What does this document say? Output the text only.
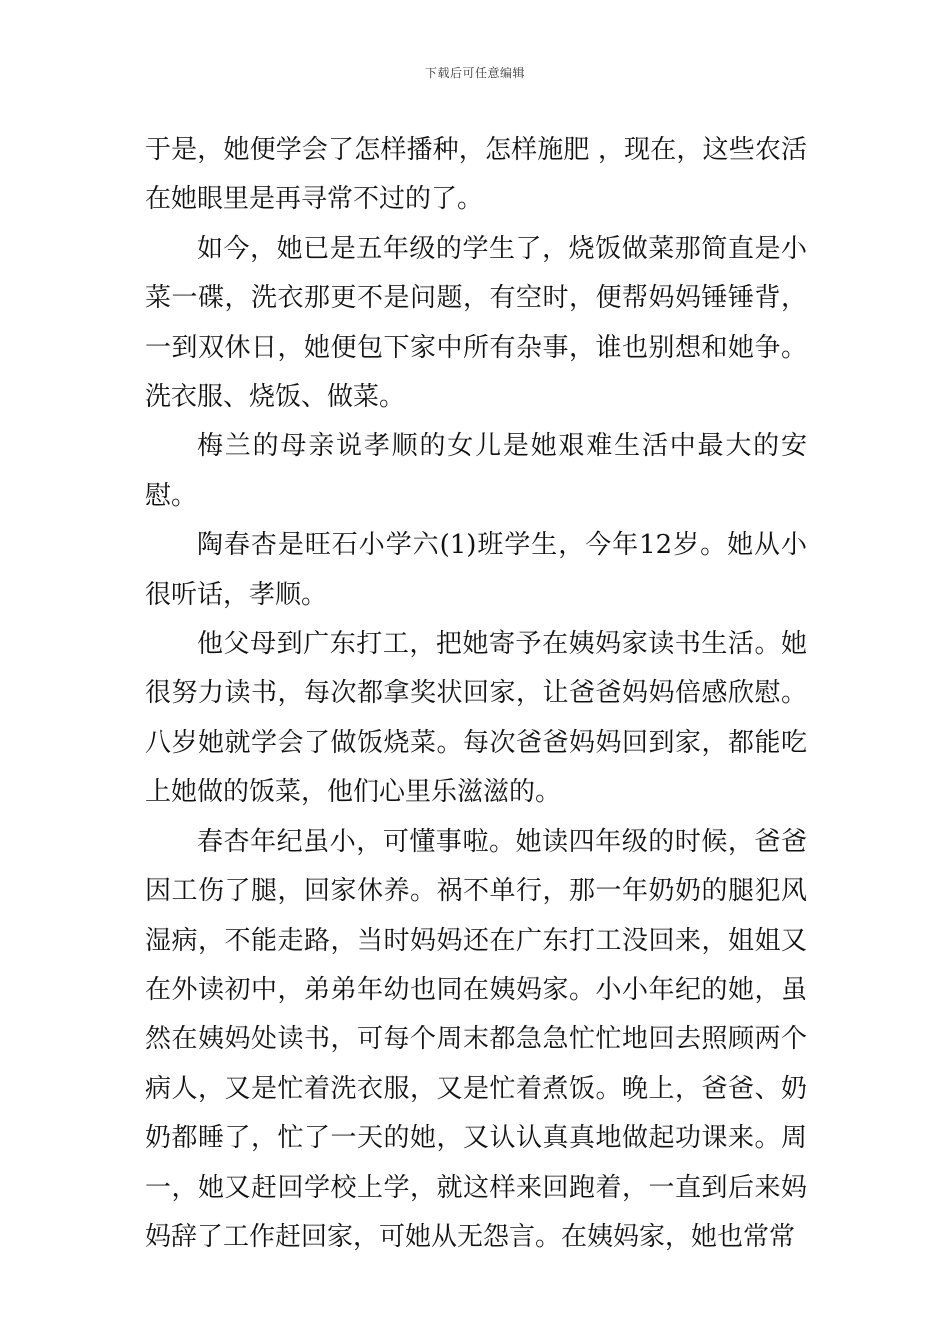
下载后可任意编辑

于是，她便学会了怎样播种，怎样施肥 ，现在，这些农活在她眼里是再寻常不过的了。

如今，她已是五年级的学生了，烧饭做菜那简直是小菜一碟，洗衣那更不是问题，有空时，便帮妈妈锤锤背，一到双休日，她便包下家中所有杂事，谁也别想和她争。洗衣服、烧饭、做菜。

梅兰的母亲说孝顺的女儿是她艰难生活中最大的安慰。

陶春杏是旺石小学六(1)班学生，今年12岁。她从小很听话，孝顺。

他父母到广东打工，把她寄予在姨妈家读书生活。她很努力读书，每次都拿奖状回家，让爸爸妈妈倍感欣慰。八岁她就学会了做饭烧菜。每次爸爸妈妈回到家，都能吃上她做的饭菜，他们心里乐滋滋的。

春杏年纪虽小，可懂事啦。她读四年级的时候，爸爸因工伤了腿，回家休养。祸不单行，那一年奶奶的腿犯风湿病，不能走路，当时妈妈还在广东打工没回来，姐姐又在外读初中，弟弟年幼也同在姨妈家。小小年纪的她，虽然在姨妈处读书，可每个周末都急急忙忙地回去照顾两个病人，又是忙着洗衣服，又是忙着煮饭。晚上，爸爸、奶奶都睡了，忙了一天的她，又认认真真地做起功课来。周一，她又赶回学校上学，就这样来回跑着，一直到后来妈妈辞了工作赶回家，可她从无怨言。在姨妈家，她也常常
